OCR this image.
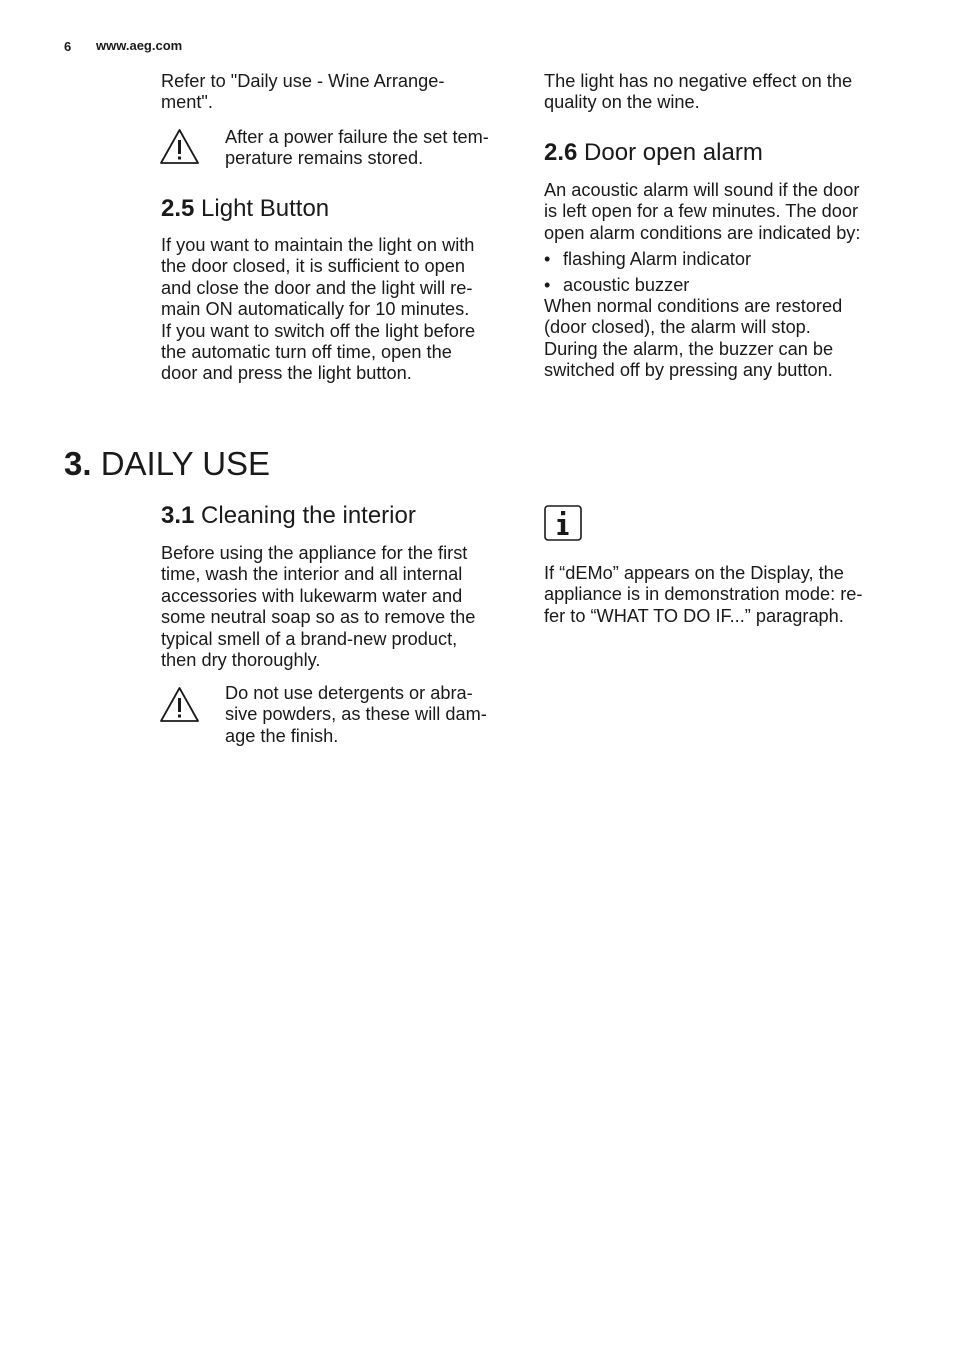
6 www.aeg.com

Refer to "Daily use - Wine Arrange-
ment".

After a power failure the set tem-
perature remains stored.

2.5 Light Button

If you want to maintain the light on with
the door closed, it is sufficient to open
and close the door and the light will re-
main ON automatically for 10 minutes.
If you want to switch off the light before
the automatic turn off time, open the
door and press the light button.

The light has no negative effect on the
quality on the wine.

2.6 Door open alarm

An acoustic alarm will sound if the door
is left open for a few minutes. The door
open alarm conditions are indicated by:

• flashing Alarm indicator
• acoustic buzzer

When normal conditions are restored
(door closed), the alarm will stop.
During the alarm, the buzzer can be
switched off by pressing any button.

3. DAILY USE
3.1 Cleaning the interior

Before using the appliance for the first
time, wash the interior and all internal
accessories with lukewarm water and
some neutral soap so as to remove the
typical smell of a brand-new product,
then dry thoroughly.

Do not use detergents or abra-
sive powders, as these will dam-
age the finish.

If “dEMo” appears on the Display, the
appliance is in demonstration mode: re-
fer to “WHAT TO DO IF...” paragraph.
